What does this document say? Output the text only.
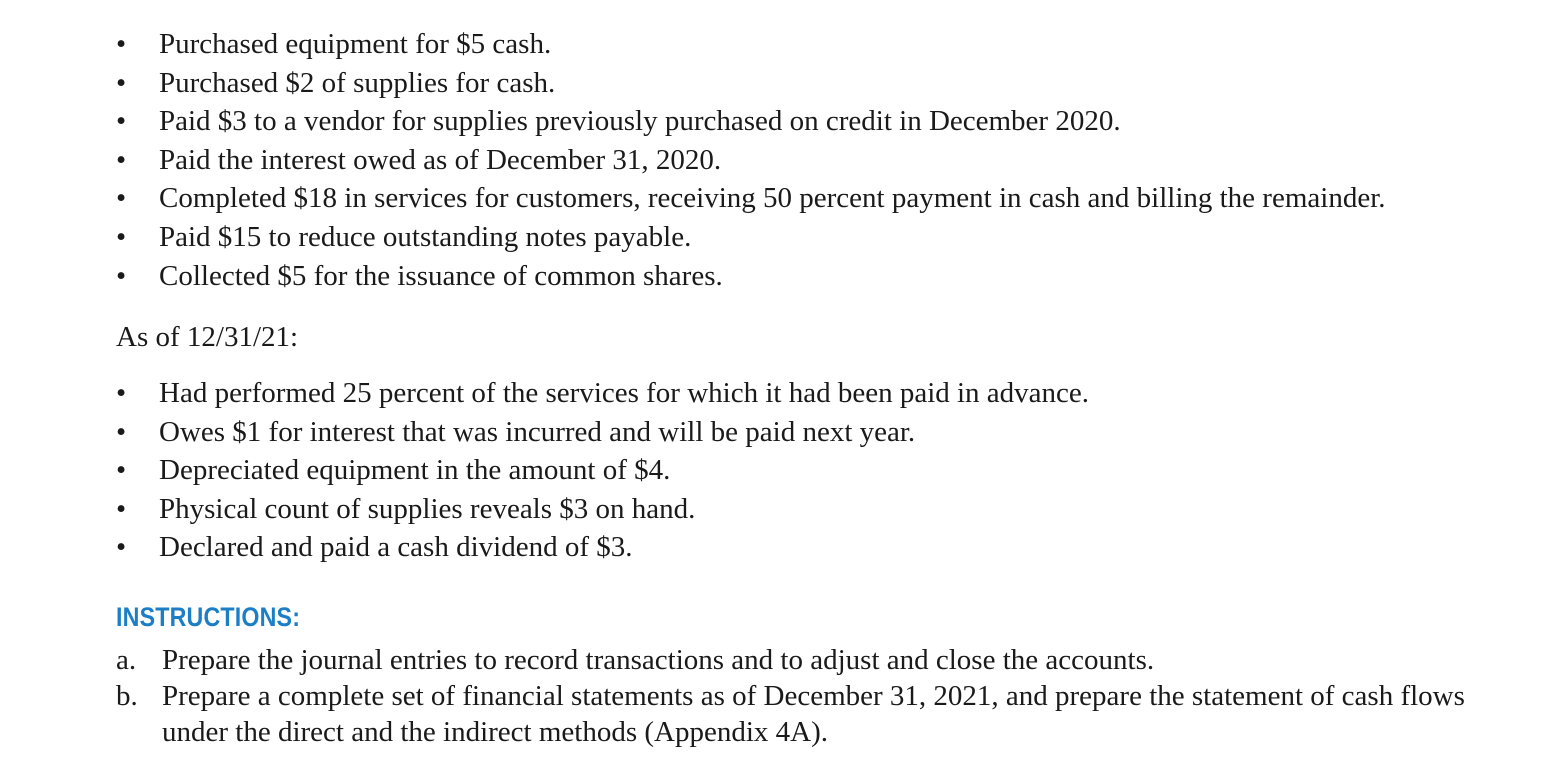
• Purchased equipment for $5 cash.
• Purchased $2 of supplies for cash.
• Paid $3 to a vendor for supplies previously purchased on credit in December 2020.
• Paid the interest owed as of December 31, 2020.
• Completed $18 in services for customers, receiving 50 percent payment in cash and billing the remainder.
• Paid $15 to reduce outstanding notes payable.
• Collected $5 for the issuance of common shares.
As of 12/31/21:
• Had performed 25 percent of the services for which it had been paid in advance.
• Owes $1 for interest that was incurred and will be paid next year.
• Depreciated equipment in the amount of $4.
• Physical count of supplies reveals $3 on hand.
• Declared and paid a cash dividend of $3.
INSTRUCTIONS:
a. Prepare the journal entries to record transactions and to adjust and close the accounts.
b. Prepare a complete set of financial statements as of December 31, 2021, and prepare the statement of cash flows under the direct and the indirect methods (Appendix 4A).
